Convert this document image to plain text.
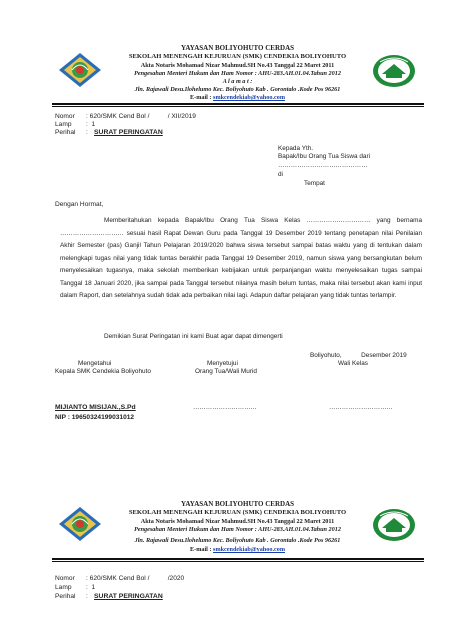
YAYASAN BOLIYOHUTO CERDAS
SEKOLAH MENENGAH KEJURUAN (SMK) CENDEKIA BOLIYOHUTO
Akta Notaris Mohamad Nizar Mahmud.SH No.43 Tanggal 22 Maret 2011
Pengesahan Menteri Hukum dan Ham Nomor : AHU-283.AH.01.04.Tahun 2012
A l a m a t :
Jln. Rajawali Desu.Ilohelumo Kec. Boliyohuto Kab . Gorontalo .Kode Pos 96261
E-mail : smkcendekiab@yahoo.com
Nomor : 620/SMK Cend Bol /          / XII/2019
Lamp :  1
Perihal : SURAT PERINGATAN
Kepada Yth.
Bapak/Ibu Orang Tua Siswa dari
……………………………………
di
Tempat
Dengan Hormat,

Memberitahukan kepada Bapak/Ibu Orang Tua Siswa Kelas ………………………… yang bernama ………………………… sesuai hasil Rapat Dewan Guru pada Tanggal 19 Desember 2019 tentang penetapan nilai Penilaian Akhir Semester (pas) Ganjil Tahun Pelajaran 2019/2020 bahwa siswa tersebut sampai batas waktu yang di tentukan dalam melengkapi tugas nilai yang tidak tuntas berakhir pada Tanggal 19 Desember 2019, namun siswa yang bersangkutan belum menyelesaikan tugasnya, maka sekolah memberikan kebijakan untuk perpanjangan waktu menyelesaikan tugas sampai Tanggal 18 Januari 2020, jika sampai pada Tanggal tersebut nilainya masih belum tuntas, maka nilai tersebut akan kami input dalam Raport, dan setelahnya sudah tidak ada perbaikan nilai lagi. Adapun daftar pelajaran yang tidak tuntas terlampir.

Demikian Surat Peringatan ini kami Buat agar dapat dimengerti
Boliyohuto,           Desember 2019
Mengetahui	Menyetujui	Wali Kelas
Kepala SMK Cendekia Boliyohuto	Orang Tua/Wali Murid
MIJIANTO MISIJAN.,S.Pd	…………………………	…………………………
NIP : 19650324199031012
YAYASAN BOLIYOHUTO CERDAS
SEKOLAH MENENGAH KEJURUAN (SMK) CENDEKIA BOLIYOHUTO
Akta Notaris Mohamad Nizar Mahmud.SH No.43 Tanggal 22 Maret 2011
Pengesahan Menteri Hukum dan Ham Nomor : AHU-283.AH.01.04.Tahun 2012
Jln. Rajawali Desu.Ilohelumo Kec. Boliyohuto Kab . Gorontalo .Kode Pos 96261
E-mail : smkcendekiab@yahoo.com
Nomor : 620/SMK Cend Bol /          /2020
Lamp :  1
Perihal : SURAT PERINGATAN
